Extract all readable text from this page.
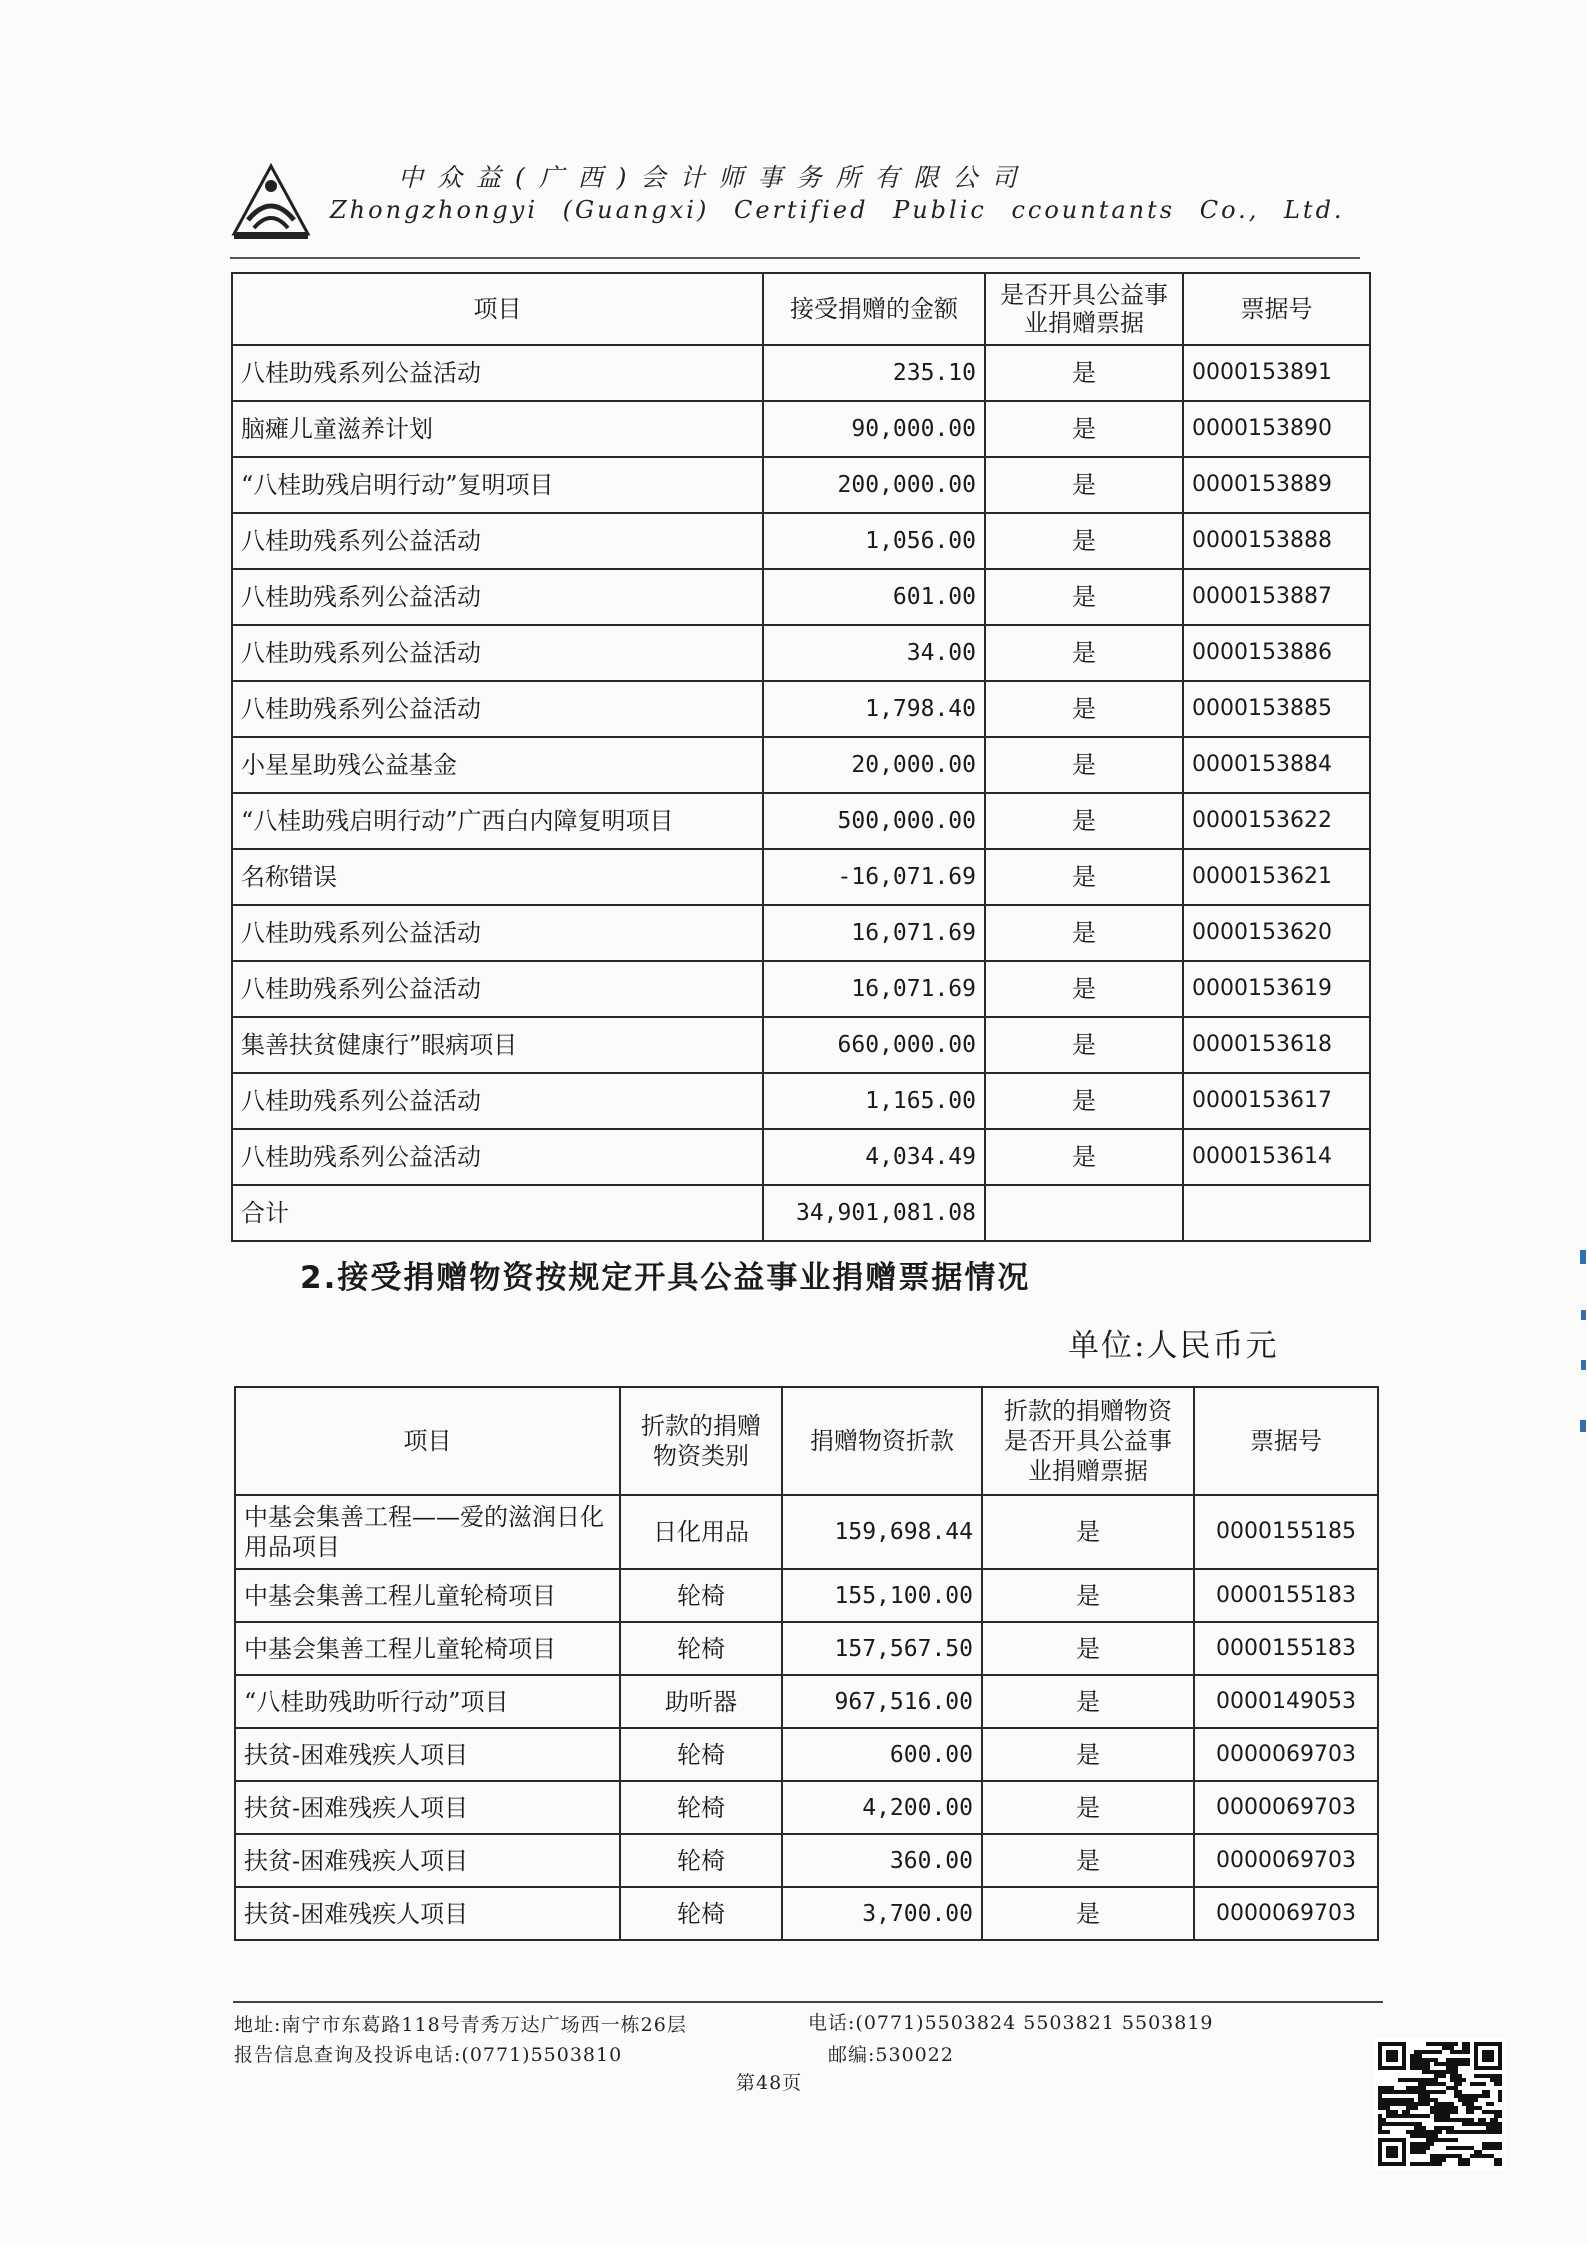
中众益(广西)会计师事务所有限公司
Zhongzhongyi (Guangxi) Certified Public ccountants Co., Ltd.
项目	接受捐赠的金额	是否开具公益事业捐赠票据	票据号
八桂助残系列公益活动	235.10	是	0000153891
脑瘫儿童滋养计划	90,000.00	是	0000153890
“八桂助残启明行动”复明项目	200,000.00	是	0000153889
八桂助残系列公益活动	1,056.00	是	0000153888
八桂助残系列公益活动	601.00	是	0000153887
八桂助残系列公益活动	34.00	是	0000153886
八桂助残系列公益活动	1,798.40	是	0000153885
小星星助残公益基金	20,000.00	是	0000153884
“八桂助残启明行动”广西白内障复明项目	500,000.00	是	0000153622
名称错误	-16,071.69	是	0000153621
八桂助残系列公益活动	16,071.69	是	0000153620
八桂助残系列公益活动	16,071.69	是	0000153619
集善扶贫健康行”眼病项目	660,000.00	是	0000153618
八桂助残系列公益活动	1,165.00	是	0000153617
八桂助残系列公益活动	4,034.49	是	0000153614
合计	34,901,081.08		
2.接受捐赠物资按规定开具公益事业捐赠票据情况
单位:人民币元
项目	折款的捐赠物资类别	捐赠物资折款	折款的捐赠物资是否开具公益事业捐赠票据	票据号
中基会集善工程——爱的滋润日化用品项目	日化用品	159,698.44	是	0000155185
中基会集善工程儿童轮椅项目	轮椅	155,100.00	是	0000155183
中基会集善工程儿童轮椅项目	轮椅	157,567.50	是	0000155183
“八桂助残助听行动”项目	助听器	967,516.00	是	0000149053
扶贫-困难残疾人项目	轮椅	600.00	是	0000069703
扶贫-困难残疾人项目	轮椅	4,200.00	是	0000069703
扶贫-困难残疾人项目	轮椅	360.00	是	0000069703
扶贫-困难残疾人项目	轮椅	3,700.00	是	0000069703
地址:南宁市东葛路118号青秀万达广场西一栋26层	电话:(0771)5503824 5503821 5503819
报告信息查询及投诉电话:(0771)5503810	邮编:530022
第48页
